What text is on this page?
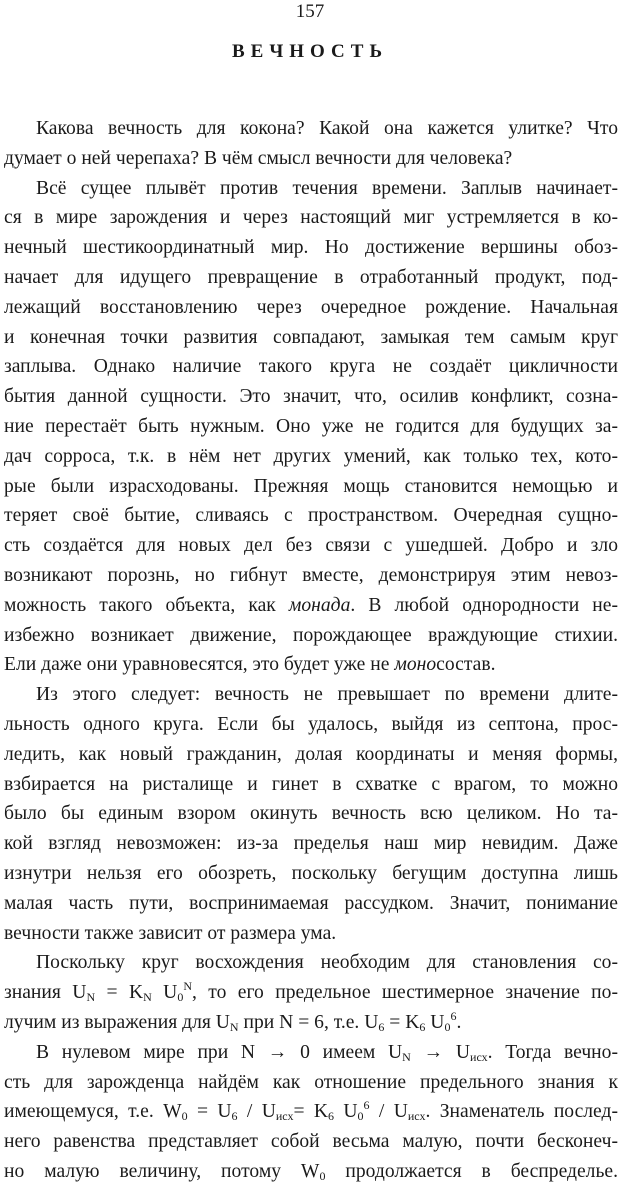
157
ВЕЧНОСТЬ
Какова вечность для кокона? Какой она кажется улитке? Что
думает о ней черепаха? В чём смысл вечности для человека?
Всё сущее плывёт против течения времени. Заплыв начинает-
ся в мире зарождения и через настоящий миг устремляется в ко-
нечный шестикоординатный мир. Но достижение вершины обоз-
начает для идущего превращение в отработанный продукт, под-
лежащий восстановлению через очередное рождение. Начальная
и конечная точки развития совпадают, замыкая тем самым круг
заплыва. Однако наличие такого круга не создаёт цикличности
бытия данной сущности. Это значит, что, осилив конфликт, созна-
ние перестаёт быть нужным. Оно уже не годится для будущих за-
дач сорроса, т.к. в нём нет других умений, как только тех, кото-
рые были израсходованы. Прежняя мощь становится немощью и
теряет своё бытие, сливаясь с пространством. Очередная сущно-
сть создаётся для новых дел без связи с ушедшей. Добро и зло
возникают порознь, но гибнут вместе, демонстрируя этим невоз-
можность такого объекта, как монада. В любой однородности не-
избежно возникает движение, порождающее враждующие стихии.
Ели даже они уравновесятся, это будет уже не моносостав.
Из этого следует: вечность не превышает по времени длите-
льность одного круга. Если бы удалось, выйдя из септона, прос-
ледить, как новый гражданин, долая координаты и меняя формы,
взбирается на ристалище и гинет в схватке с врагом, то можно
было бы единым взором окинуть вечность всю целиком. Но та-
кой взгляд невозможен: из-за пределья наш мир невидим. Даже
изнутри нельзя его обозреть, поскольку бегущим доступна лишь
малая часть пути, воспринимаемая рассудком. Значит, понимание
вечности также зависит от размера ума.
Поскольку круг восхождения необходим для становления со-
знания $U_N = K_N$ $U_0^N$, то его предельное шестимерное значение по-
лучим из выражения для $U_N$ при N = 6, т.е. $U_6 = K_6$ $U_0^6$.
В нулевом мире при N → 0 имеем $U_N \to U_{исх}$. Тогда вечно-
сть для зарожденца найдём как отношение предельного знания к
имеющемуся, т.е. $W_0 = U_6 / U_{исх}= K_6$ $U_0^6 / U_{исх}$. Знаменатель послед-
него равенства представляет собой весьма малую, почти бесконеч-
но малую величину, потому $W_0$ продолжается в беспределье.
